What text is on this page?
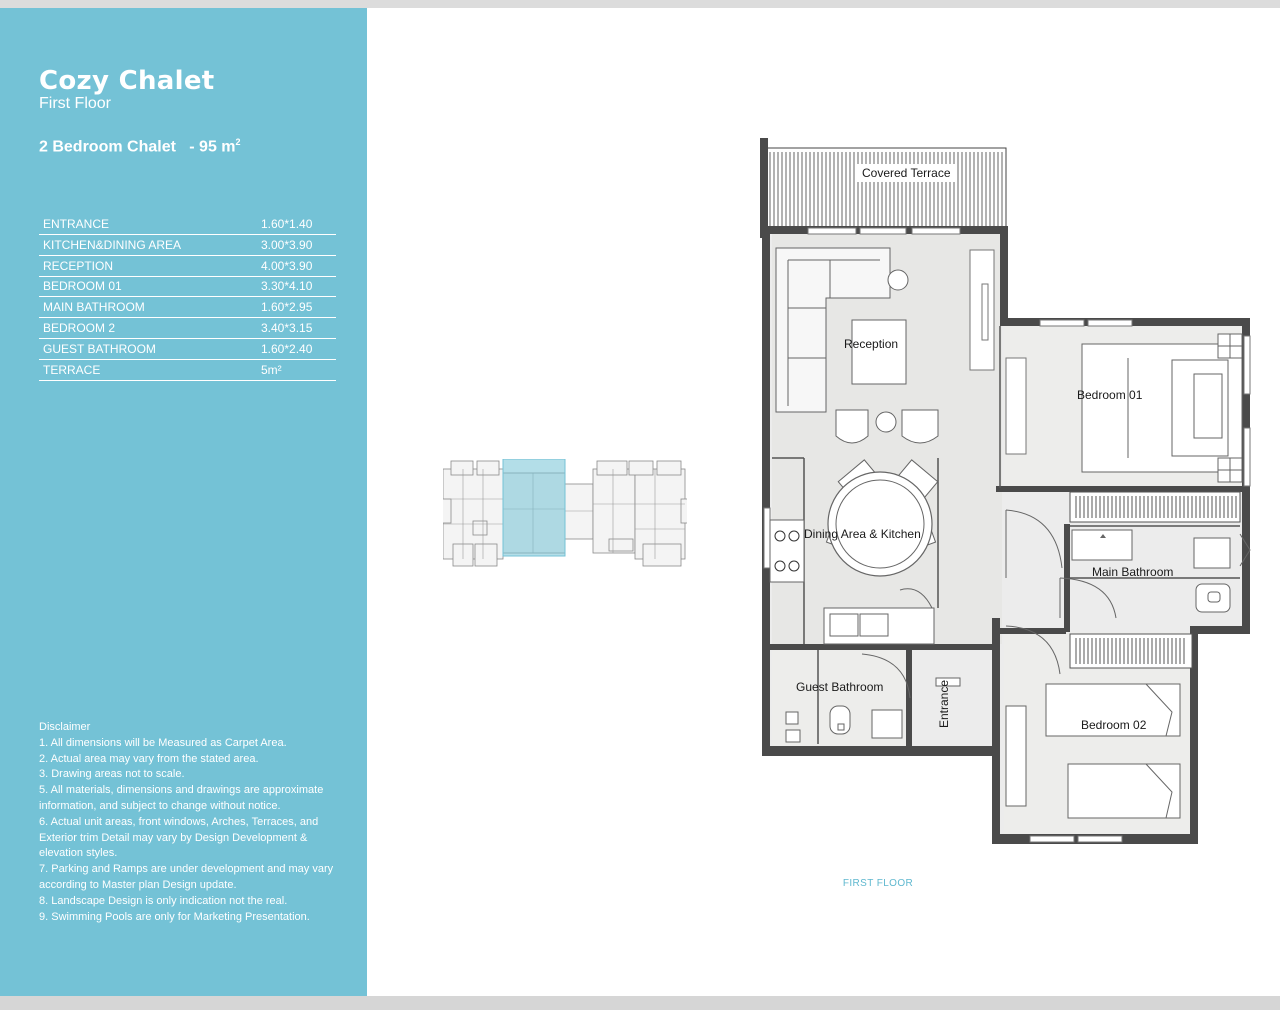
Cozy Chalet
First Floor
2 Bedroom Chalet - 95 $m^2$
ENTRANCE	1.60*1.40
KITCHEN&DINING AREA	3.00*3.90
RECEPTION	4.00*3.90
BEDROOM 01	3.30*4.10
MAIN BATHROOM	1.60*2.95
BEDROOM 2	3.40*3.15
GUEST BATHROOM	1.60*2.40
TERRACE	5m²
Disclaimer
1. All dimensions will be Measured as Carpet Area.
2. Actual area may vary from the stated area.
3. Drawing areas not to scale.
5. All materials, dimensions and drawings are approximate information, and subject to change without notice.
6. Actual unit areas, front windows, Arches, Terraces, and Exterior trim Detail may vary by Design Development & elevation styles.
7. Parking and Ramps are under development and may vary according to Master plan Design update.
8. Landscape Design is only indication not the real.
9. Swimming Pools are only for Marketing Presentation.
Covered Terrace
Reception
Bedroom 01
Dining Area & Kitchen
Main Bathroom
Guest Bathroom	Entrance	Bedroom 02
FIRST FLOOR
